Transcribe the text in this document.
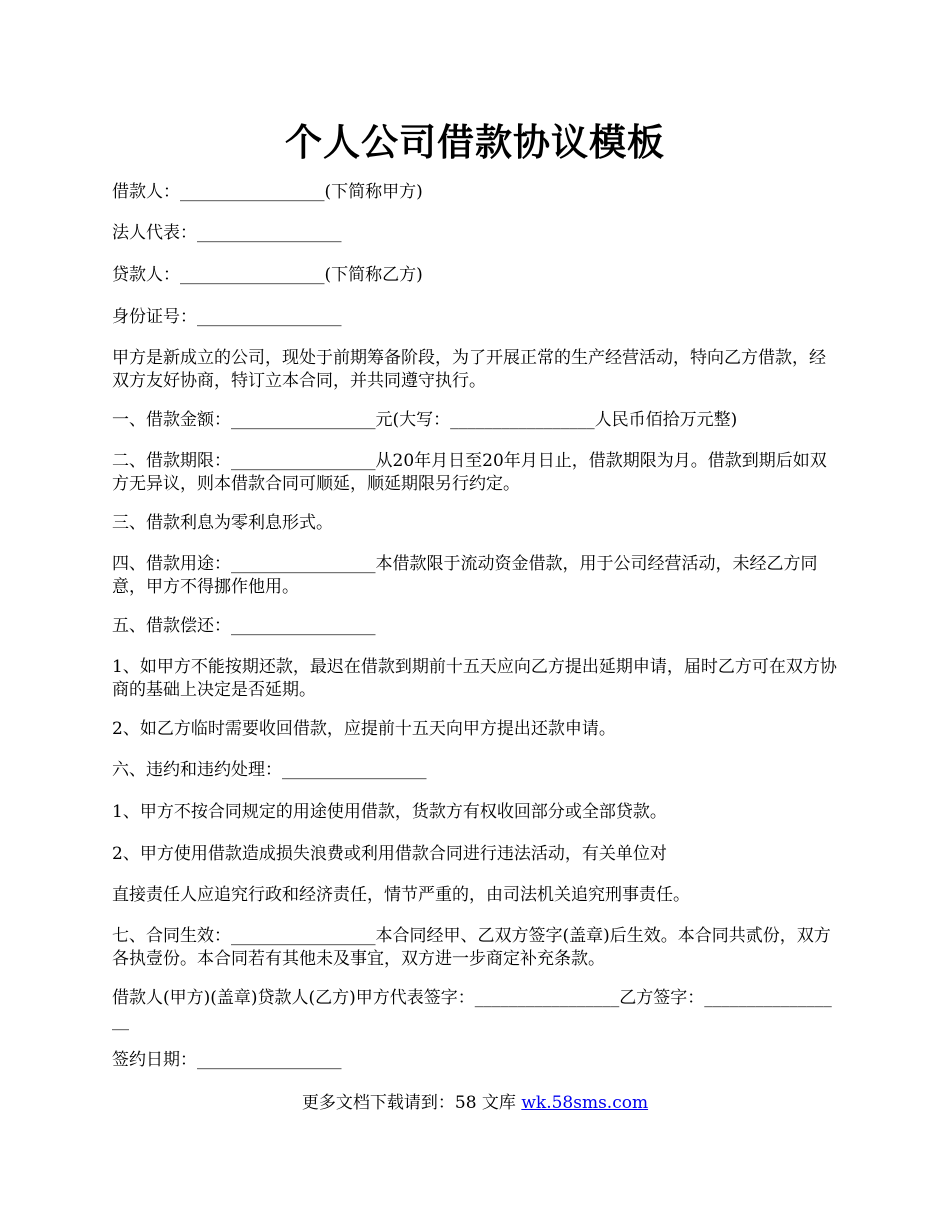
个人公司借款协议模板

借款人：_________________(下简称甲方)

法人代表：_________________

贷款人：_________________(下简称乙方)

身份证号：_________________

甲方是新成立的公司，现处于前期筹备阶段，为了开展正常的生产经营活动，特向乙方借款，经双方友好协商，特订立本合同，并共同遵守执行。

一、借款金额：_________________元(大写：_________________人民币佰拾万元整)

二、借款期限：_________________从20年月日至20年月日止，借款期限为月。借款到期后如双方无异议，则本借款合同可顺延，顺延期限另行约定。

三、借款利息为零利息形式。

四、借款用途：_________________本借款限于流动资金借款，用于公司经营活动，未经乙方同意，甲方不得挪作他用。

五、借款偿还：_________________

1、如甲方不能按期还款，最迟在借款到期前十五天应向乙方提出延期申请，届时乙方可在双方协商的基础上决定是否延期。

2、如乙方临时需要收回借款，应提前十五天向甲方提出还款申请。

六、违约和违约处理：_________________

1、甲方不按合同规定的用途使用借款，货款方有权收回部分或全部贷款。

2、甲方使用借款造成损失浪费或利用借款合同进行违法活动，有关单位对

直接责任人应追究行政和经济责任，情节严重的，由司法机关追究刑事责任。

七、合同生效：_________________本合同经甲、乙双方签字(盖章)后生效。本合同共贰份，双方各执壹份。本合同若有其他未及事宜，双方进一步商定补充条款。

借款人(甲方)(盖章)贷款人(乙方)甲方代表签字：_________________乙方签字：_________________

签约日期：_________________

更多文档下载请到：58 文库 wk.58sms.com
